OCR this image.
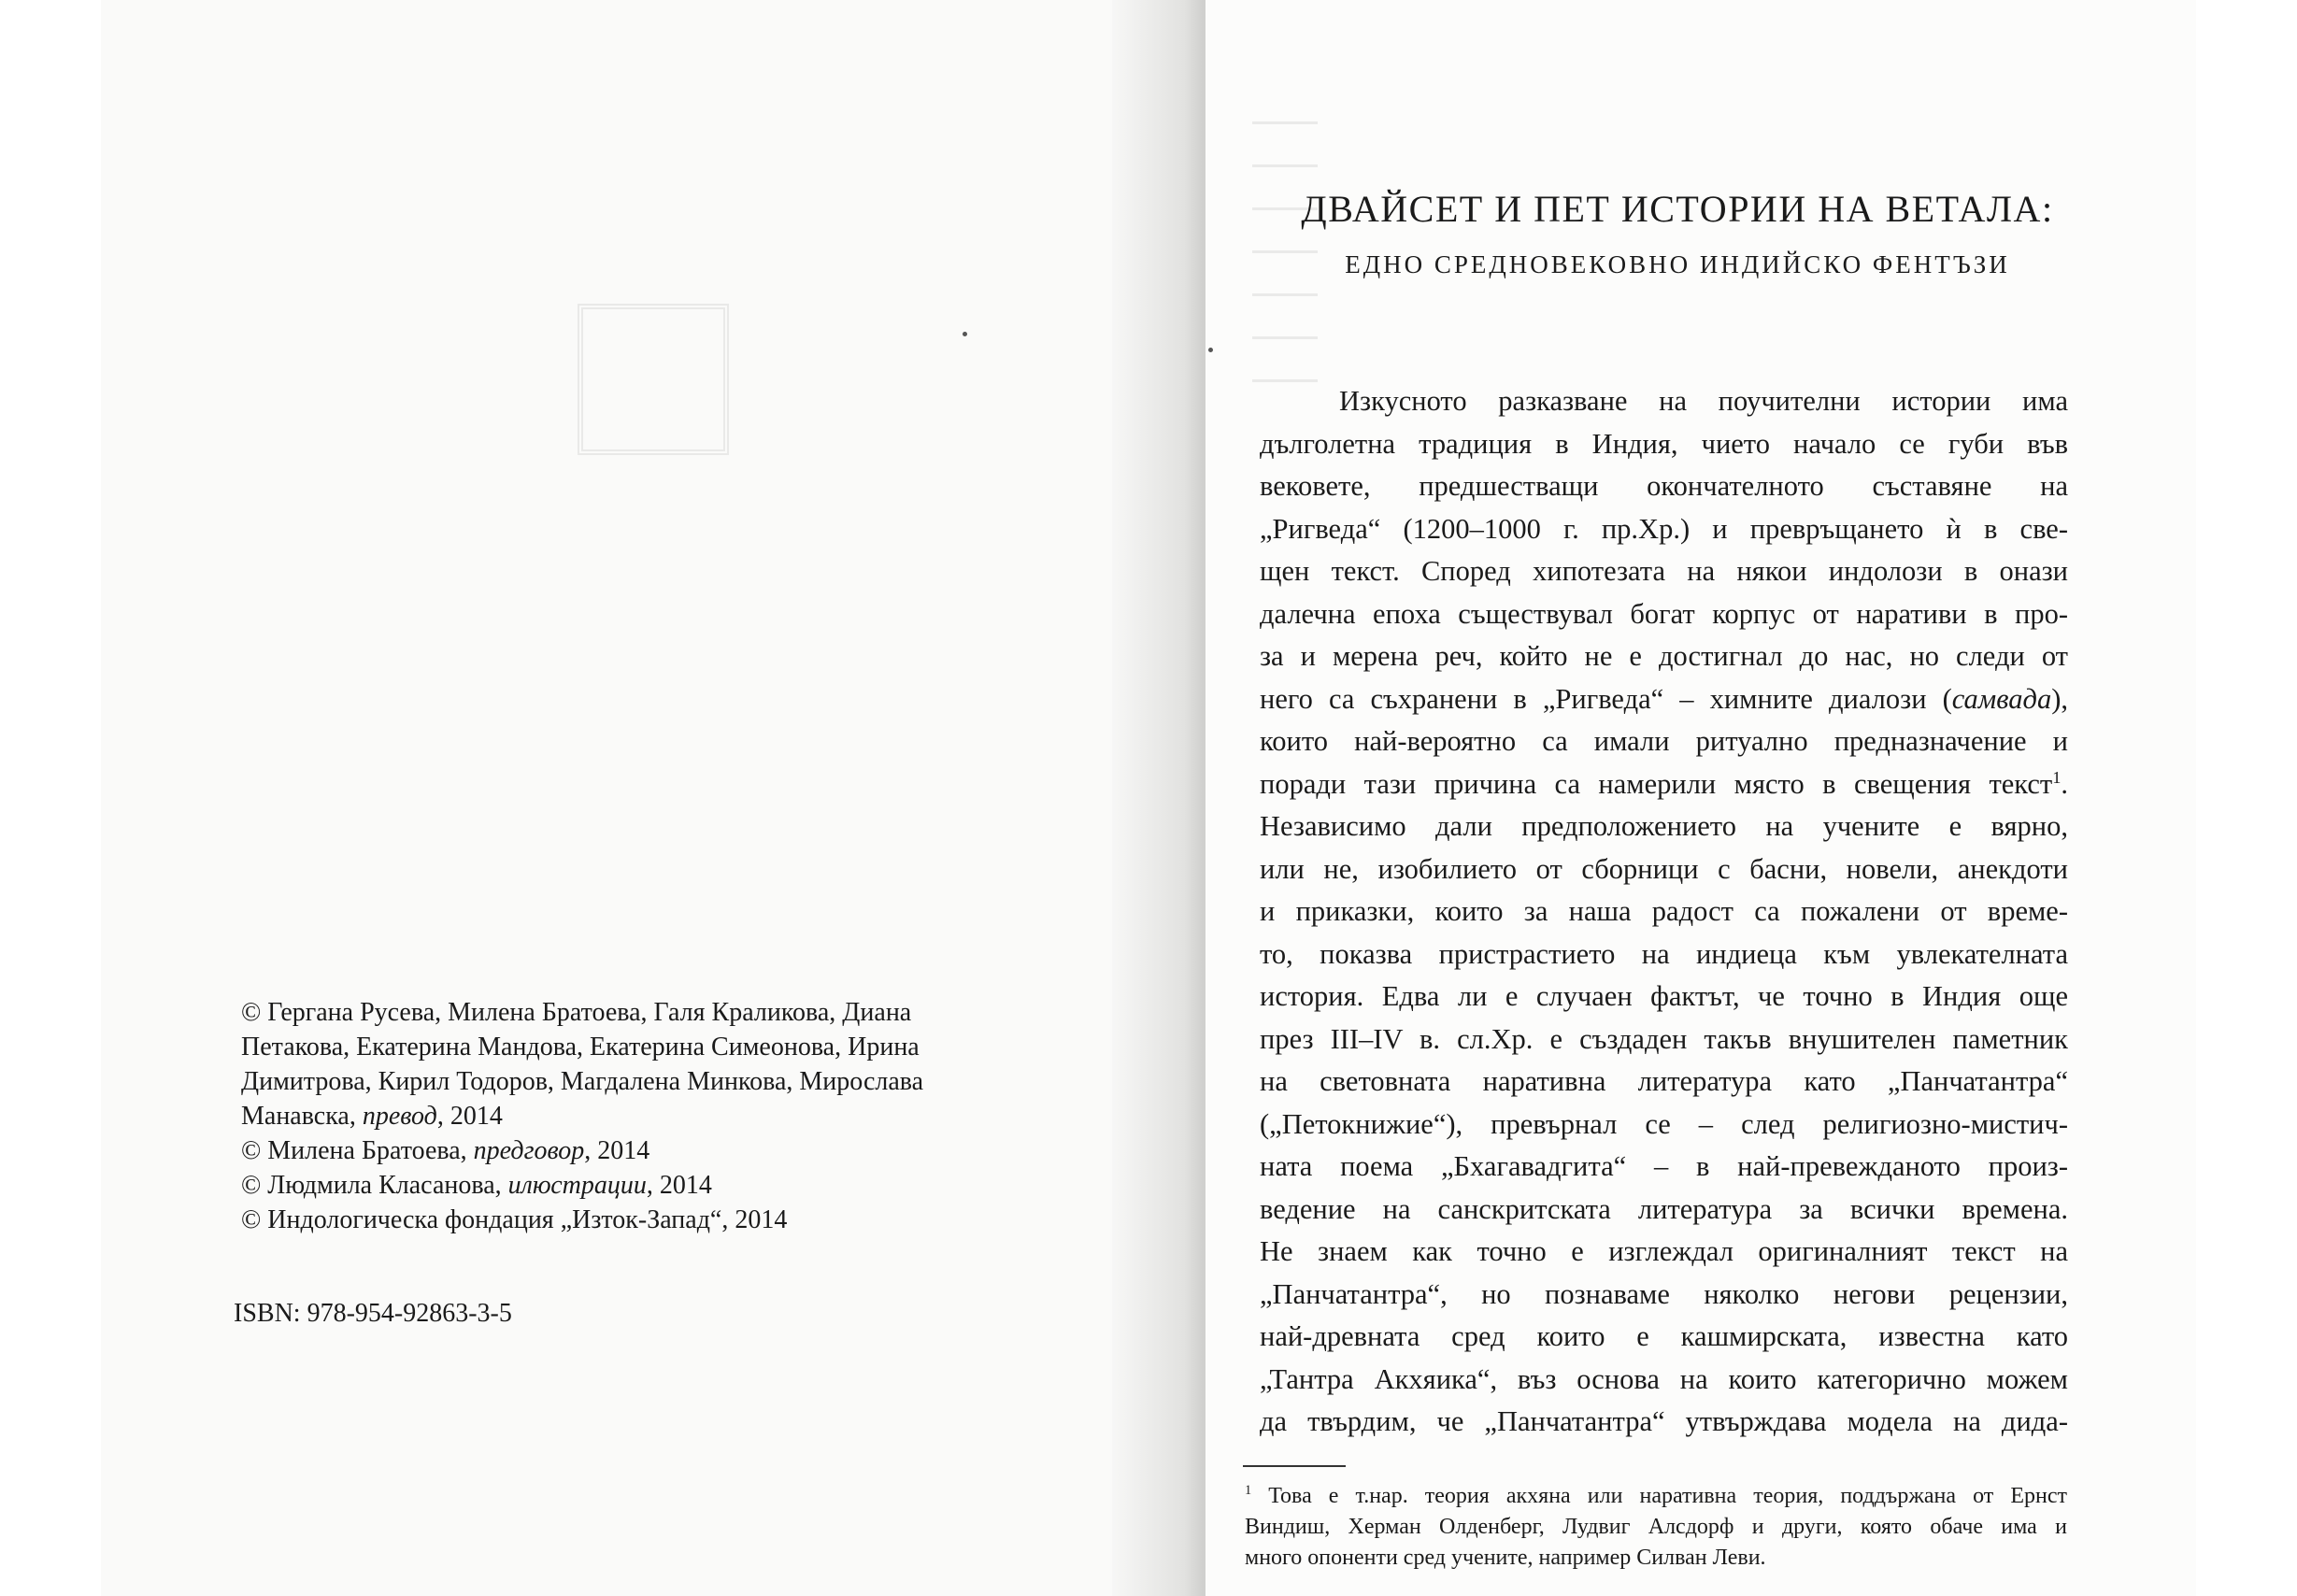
© Гергана Русева, Милена Братоева, Галя Краликова, Диана
Петакова, Екатерина Мандова, Екатерина Симеонова, Ирина
Димитрова, Кирил Тодоров, Магдалена Минкова, Мирослава
Манавска, превод, 2014

© Милена Братоева, предговор, 2014

© Людмила Класанова, илюстрации, 2014

© Индологическа фондация „Изток-Запад“, 2014

ISBN: 978-954-92863-3-5
ДВАЙСЕТ И ПЕТ ИСТОРИИ НА ВЕТАЛА:
ЕДНО СРЕДНОВЕКОВНО ИНДИЙСКО ФЕНТЪЗИ
Изкусното разказване на поучителни истории има
дълголетна традиция в Индия, чието начало се губи във
вековете, предшестващи окончателното съставяне на
„Ригведа“ (1200–1000 г. пр.Хр.) и превръщането ѝ в све-
щен текст. Според хипотезата на някои индолози в онази
далечна епоха съществувал богат корпус от наративи в про-
за и мерена реч, който не е достигнал до нас, но следи от
него са съхранени в „Ригведа“ – химните диалози (самвада),
които най-вероятно са имали ритуално предназначение и
поради тази причина са намерили място в свещения текст$^1$.
Независимо дали предположението на учените е вярно,
или не, изобилието от сборници с басни, новели, анекдоти
и приказки, които за наша радост са пожалени от време-
то, показва пристрастието на индиеца към увлекателната
история. Едва ли е случаен фактът, че точно в Индия още
през III–IV в. сл.Хр. е създаден такъв внушителен паметник
на световната наративна литература като „Панчатантра“
(„Петокнижие“), превърнал се – след религиозно-мистич-
ната поема „Бхагавадгита“ – в най-превежданото произ-
ведение на санскритската литература за всички времена.
Не знаем как точно е изглеждал оригиналният текст на
„Панчатантра“, но познаваме няколко негови рецензии,
най-древната сред които е кашмирската, известна като
„Тантра Акхяика“, въз основа на които категорично можем
да твърдим, че „Панчатантра“ утвърждава модела на дида-
$^1$ Това е т.нар. теория акхяна или наративна теория, поддържана от Ернст
Виндиш, Херман Олденберг, Лудвиг Алсдорф и други, която обаче има и
много опоненти сред учените, например Силван Леви.
